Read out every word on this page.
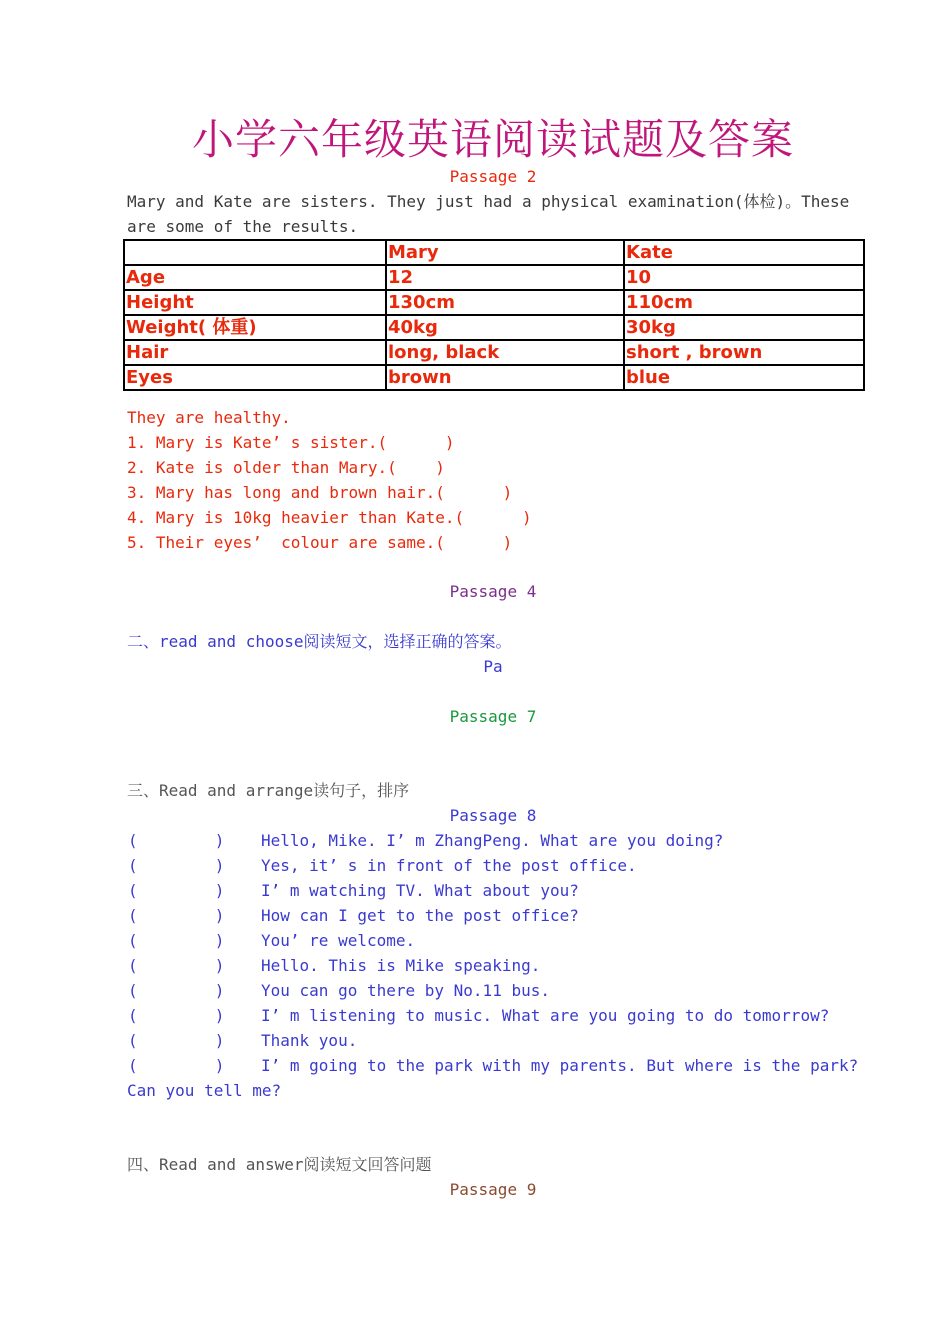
小学六年级英语阅读试题及答案
Passage 2
Mary and Kate are sisters. They just had a physical examination(体检)。These
are some of the results.
	Mary	Kate
Age	12	10
Height	130cm	110cm
Weight( 体重)	40kg	30kg
Hair	long, black	short , brown
Eyes	brown	blue
They are healthy.
1. Mary is Kate’ s sister.(      )
2. Kate is older than Mary.(    )
3. Mary has long and brown hair.(      )
4. Mary is 10kg heavier than Kate.(      )
5. Their eyes’  colour are same.(      )
Passage 4
二、read and choose阅读短文，选择正确的答案。
Pa
Passage 7
三、Read and arrange读句子，排序
Passage 8
(        ) Hello, Mike. I’ m ZhangPeng. What are you doing?
(        ) Yes, it’ s in front of the post office.
(        ) I’ m watching TV. What about you?
(        ) How can I get to the post office?
(        ) You’ re welcome.
(        ) Hello. This is Mike speaking.
(        ) You can go there by No.11 bus.
(        ) I’ m listening to music. What are you going to do tomorrow?
(        ) Thank you.
(        ) I’ m going to the park with my parents. But where is the park?
Can you tell me?
四、Read and answer阅读短文回答问题
Passage 9
